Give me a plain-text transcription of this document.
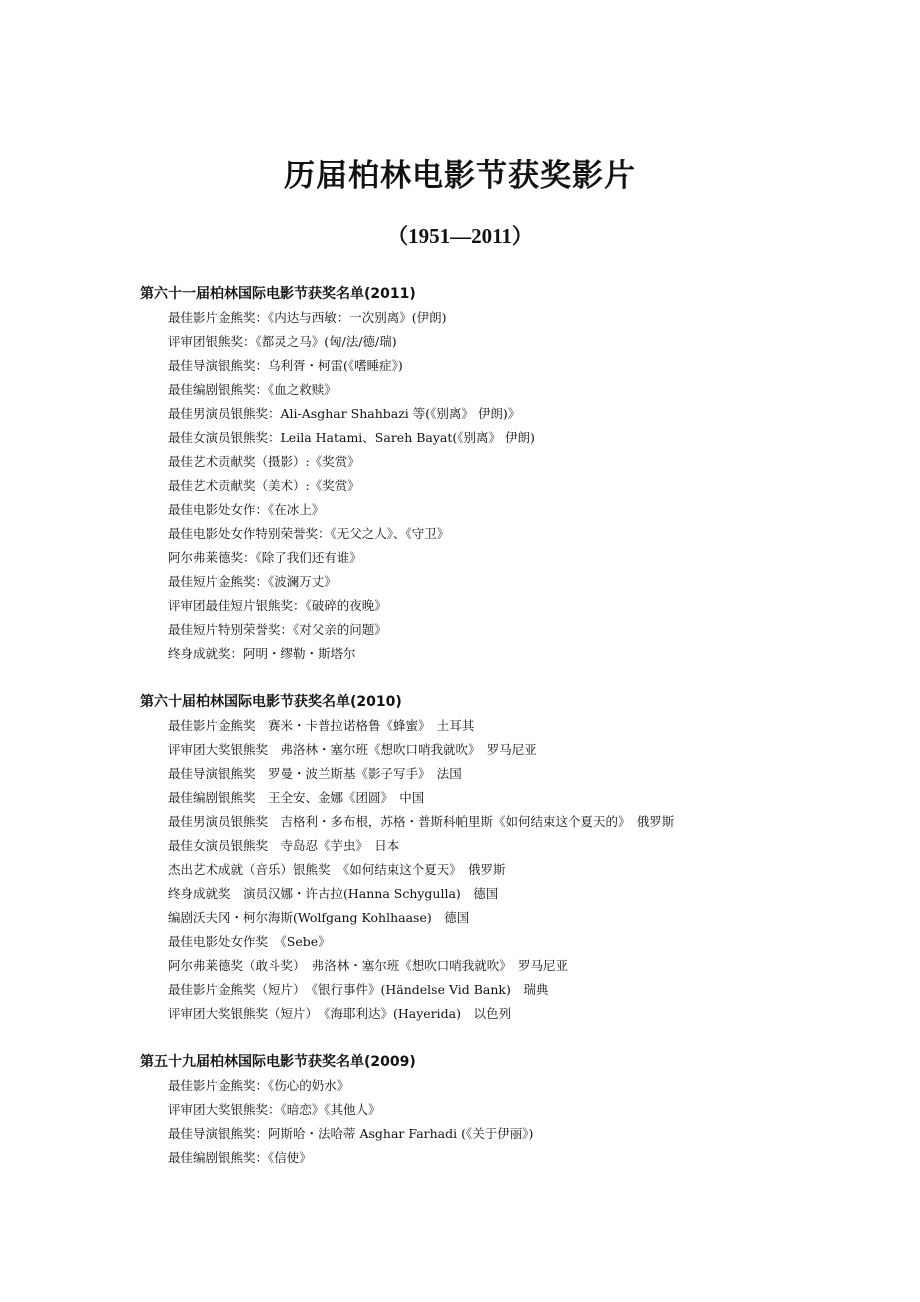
历届柏林电影节获奖影片
（1951—2011）
第六十一届柏林国际电影节获奖名单(2011)
最佳影片金熊奖：《内达与西敏：一次别离》(伊朗)
评审团银熊奖：《都灵之马》(匈/法/德/瑞)
最佳导演银熊奖：乌利胥・柯雷(《嗜睡症》)
最佳编剧银熊奖：《血之救赎》
最佳男演员银熊奖：Ali-Asghar Shahbazi 等(《别离》 伊朗)》
最佳女演员银熊奖：Leila Hatami、Sareh Bayat(《别离》 伊朗)
最佳艺术贡献奖（摄影）:《奖赏》
最佳艺术贡献奖（美术）:《奖赏》
最佳电影处女作：《在冰上》
最佳电影处女作特别荣誉奖：《无父之人》、《守卫》
阿尔弗莱德奖：《除了我们还有谁》
最佳短片金熊奖：《波澜万丈》
评审团最佳短片银熊奖：《破碎的夜晚》
最佳短片特别荣誉奖：《对父亲的问题》
终身成就奖：阿明・缪勒・斯塔尔
第六十届柏林国际电影节获奖名单(2010)
最佳影片金熊奖　赛米・卡普拉诺格鲁《蜂蜜》　土耳其
评审团大奖银熊奖　弗洛林・塞尔班《想吹口哨我就吹》　罗马尼亚
最佳导演银熊奖　罗曼・波兰斯基《影子写手》　法国
最佳编剧银熊奖　王全安、金娜《团圆》　中国
最佳男演员银熊奖　吉格利・多布根，苏格・普斯科帕里斯《如何结束这个夏天的》　俄罗斯
最佳女演员银熊奖　寺岛忍《芋虫》　日本
杰出艺术成就（音乐）银熊奖　《如何结束这个夏天》　俄罗斯
终身成就奖　演员汉娜・许古拉(Hanna Schygulla)　德国
编剧沃夫冈・柯尔海斯(Wolfgang Kohlhaase)　德国
最佳电影处女作奖　《Sebe》
阿尔弗莱德奖（敢斗奖）　弗洛林・塞尔班《想吹口哨我就吹》　罗马尼亚
最佳影片金熊奖（短片）　《银行事件》(Händelse Vid Bank)　瑞典
评审团大奖银熊奖（短片）　《海耶利达》(Hayerida)　以色列
第五十九届柏林国际电影节获奖名单(2009)
最佳影片金熊奖：《伤心的奶水》
评审团大奖银熊奖：《暗恋》《其他人》
最佳导演银熊奖：阿斯哈・法哈蒂 Asghar Farhadi (《关于伊丽》)
最佳编剧银熊奖：《信使》
